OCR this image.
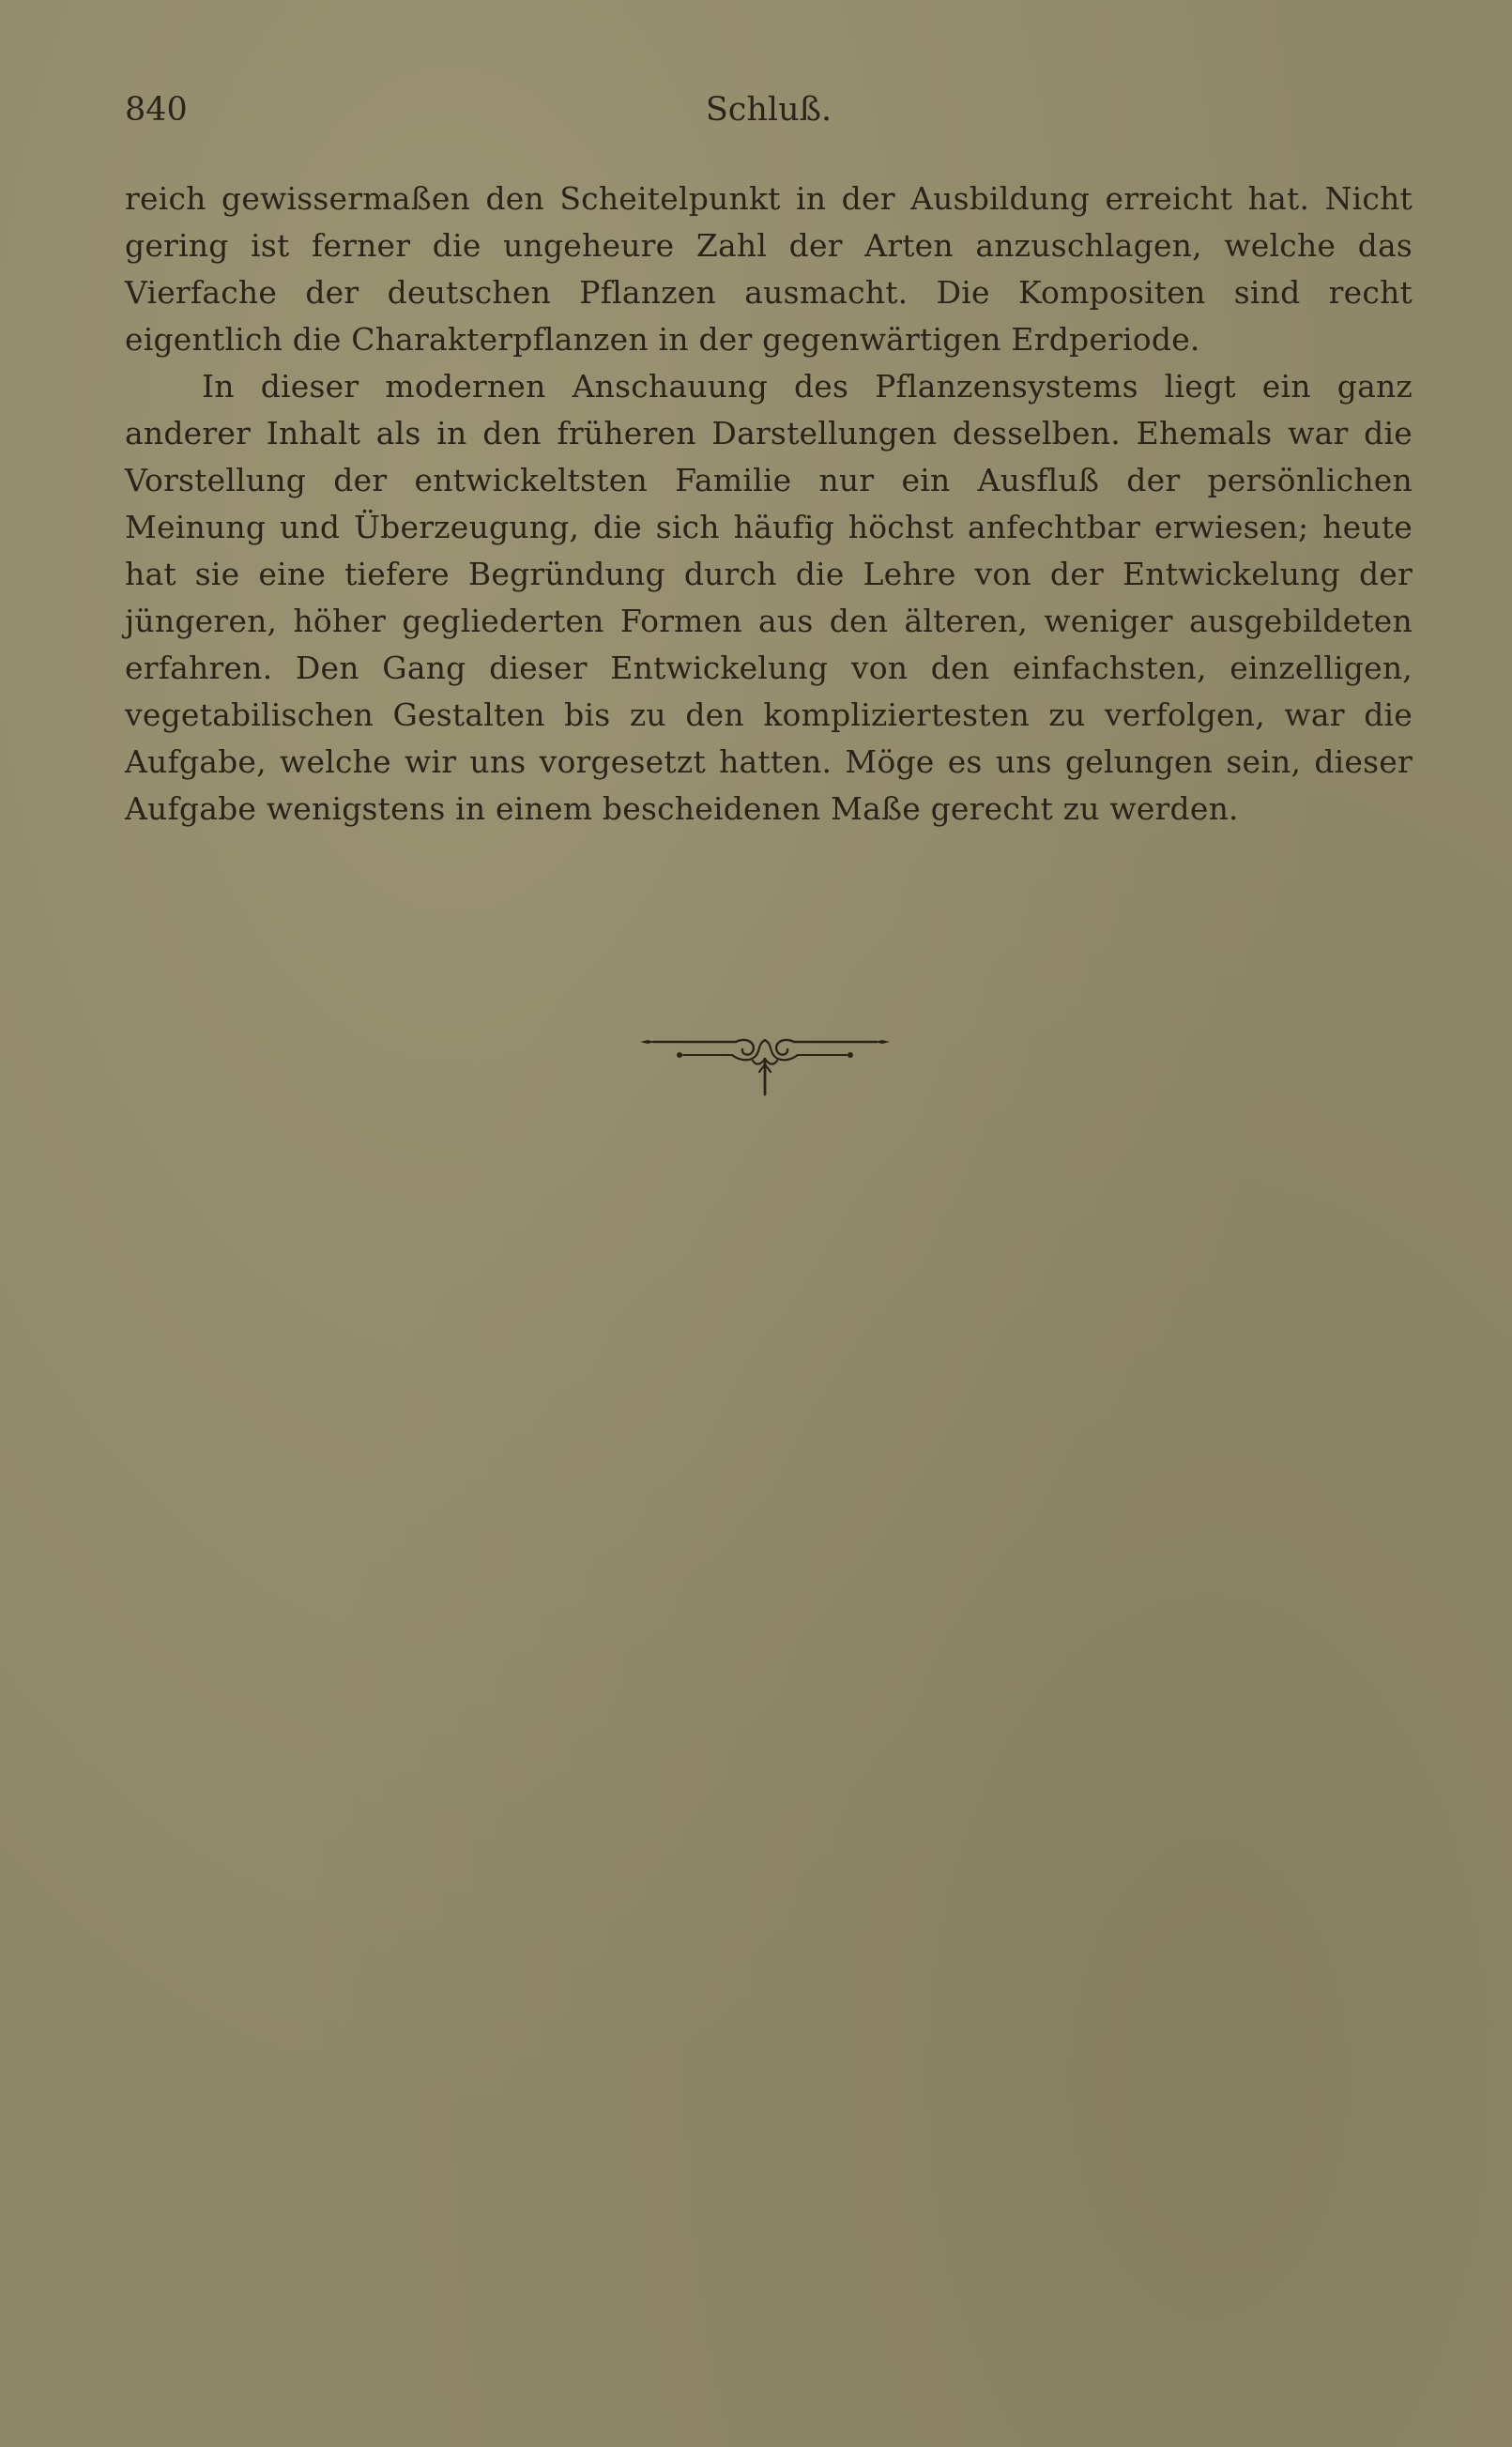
840	Schluß.

reich gewissermaßen den Scheitelpunkt in der Ausbildung erreicht hat. Nicht gering ist ferner die ungeheure Zahl der Arten anzuschlagen, welche das Vierfache der deutschen Pflanzen ausmacht. Die Kompositen sind recht eigentlich die Charakterpflanzen in der gegenwärtigen Erdperiode.

In dieser modernen Anschauung des Pflanzensystems liegt ein ganz anderer Inhalt als in den früheren Darstellungen desselben. Ehemals war die Vorstellung der entwickeltsten Familie nur ein Ausfluß der persönlichen Meinung und Überzeugung, die sich häufig höchst anfechtbar erwiesen; heute hat sie eine tiefere Begründung durch die Lehre von der Entwickelung der jüngeren, höher gegliederten Formen aus den älteren, weniger ausgebildeten erfahren. Den Gang dieser Entwickelung von den einfachsten, einzelligen, vegetabilischen Gestalten bis zu den kompliziertesten zu verfolgen, war die Aufgabe, welche wir uns vorgesetzt hatten. Möge es uns gelungen sein, dieser Aufgabe wenigstens in einem bescheidenen Maße gerecht zu werden.
